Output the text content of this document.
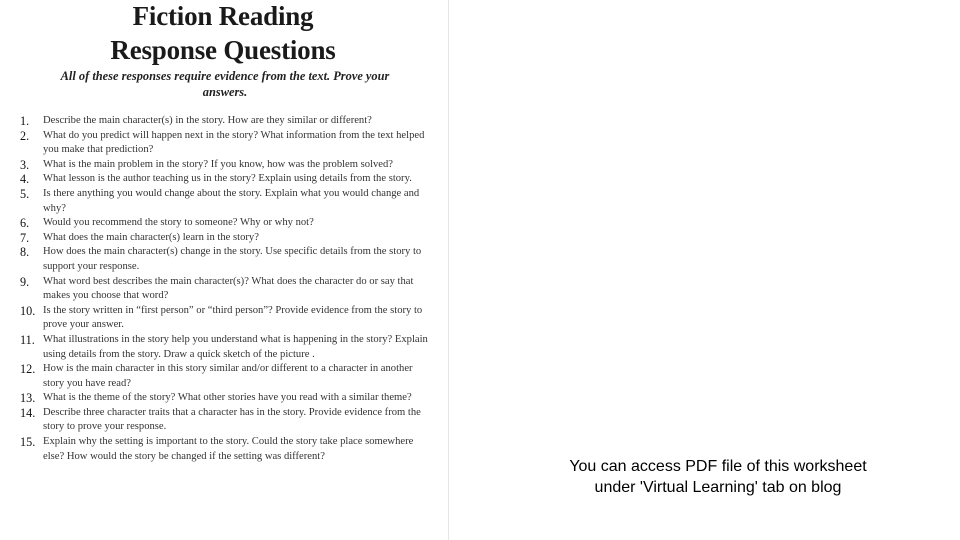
Fiction Reading
Response Questions
All of these responses require evidence from the text. Prove your
answers.
1. Describe the main character(s) in the story. How are they similar or different?
2. What do you predict will happen next in the story? What information from the text helped you make that prediction?
3. What is the main problem in the story? If you know, how was the problem solved?
4. What lesson is the author teaching us in the story? Explain using details from the story.
5. Is there anything you would change about the story. Explain what you would change and why?
6. Would you recommend the story to someone? Why or why not?
7. What does the main character(s) learn in the story?
8. How does the main character(s) change in the story. Use specific details from the story to support your response.
9. What word best describes the main character(s)? What does the character do or say that makes you choose that word?
10. Is the story written in “first person” or “third person”? Provide evidence from the story to prove your answer.
11. What illustrations in the story help you understand what is happening in the story? Explain using details from the story. Draw a quick sketch of the picture .
12. How is the main character in this story similar and/or different to a character in another story you have read?
13. What is the theme of the story? What other stories have you read with a similar theme?
14. Describe three character traits that a character has in the story. Provide evidence from the story to prove your response.
15. Explain why the setting is important to the story. Could the story take place somewhere else? How would the story be changed if the setting was different?
You can access PDF file of this worksheet under 'Virtual Learning' tab on blog
